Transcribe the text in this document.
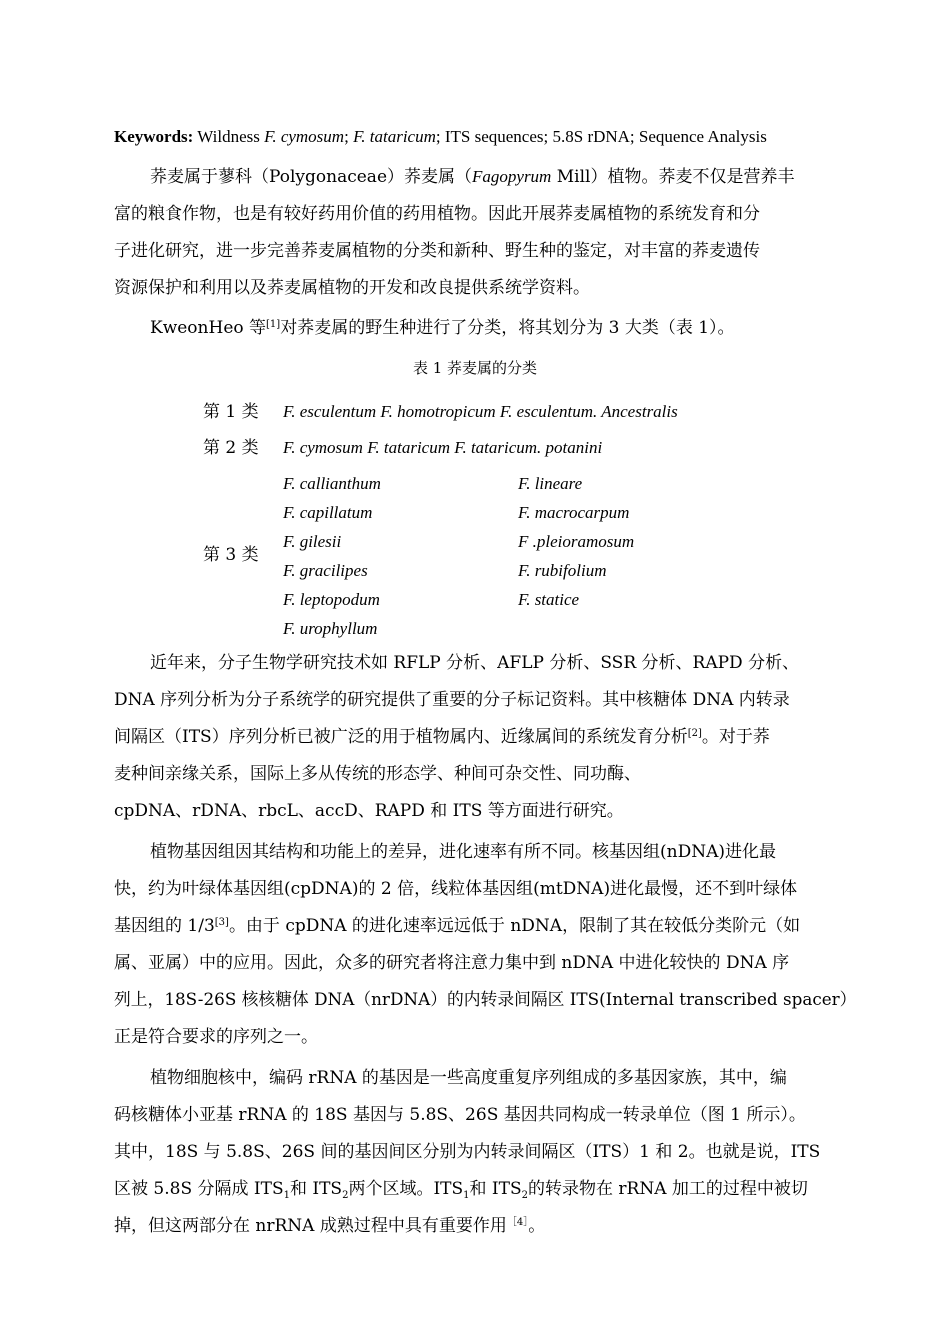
Keywords: Wildness F. cymosum; F. tataricum; ITS sequences; 5.8S rDNA; Sequence Analysis
荞麦属于蓼科（Polygonaceae）荞麦属（Fagopyrum Mill）植物。荞麦不仅是营养丰
富的粮食作物，也是有较好药用价值的药用植物。因此开展荞麦属植物的系统发育和分
子进化研究，进一步完善荞麦属植物的分类和新种、野生种的鉴定，对丰富的荞麦遗传
资源保护和利用以及荞麦属植物的开发和改良提供系统学资料。
KweonHeo 等[1]对荞麦属的野生种进行了分类，将其划分为 3 大类（表 1）。
表 1 荞麦属的分类
第 1 类 F. esculentum F. homotropicum F. esculentum. Ancestralis
第 2 类 F. cymosum F. tataricum F. tataricum. potanini
第 3 类
F. callianthum
F. capillatum
F. gilesii
F. gracilipes
F. leptopodum
F. urophyllum
F. lineare
F. macrocarpum
F .pleioramosum
F. rubifolium
F. statice
近年来，分子生物学研究技术如 RFLP 分析、AFLP 分析、SSR 分析、RAPD 分析、
DNA 序列分析为分子系统学的研究提供了重要的分子标记资料。其中核糖体 DNA 内转录
间隔区（ITS）序列分析已被广泛的用于植物属内、近缘属间的系统发育分析[2]。对于荞
麦种间亲缘关系，国际上多从传统的形态学、种间可杂交性、同功酶、
cpDNA、rDNA、rbcL、accD、RAPD 和 ITS 等方面进行研究。
植物基因组因其结构和功能上的差异，进化速率有所不同。核基因组(nDNA)进化最
快，约为叶绿体基因组(cpDNA)的 2 倍，线粒体基因组(mtDNA)进化最慢，还不到叶绿体
基因组的 1/3[3]。由于 cpDNA 的进化速率远远低于 nDNA，限制了其在较低分类阶元（如
属、亚属）中的应用。因此，众多的研究者将注意力集中到 nDNA 中进化较快的 DNA 序
列上，18S-26S 核核糖体 DNA（nrDNA）的内转录间隔区 ITS(Internal transcribed spacer）
正是符合要求的序列之一。
植物细胞核中，编码 rRNA 的基因是一些高度重复序列组成的多基因家族，其中，编
码核糖体小亚基 rRNA 的 18S 基因与 5.8S、26S 基因共同构成一转录单位（图 1 所示）。
其中，18S 与 5.8S、26S 间的基因间区分别为内转录间隔区（ITS）1 和 2。也就是说，ITS
区被 5.8S 分隔成 $ITS_1$和 $ITS_2$两个区域。$ITS_1$和 $ITS_2$的转录物在 rRNA 加工的过程中被切
掉，但这两部分在 nrRNA 成熟过程中具有重要作用$^{[4]}$。
